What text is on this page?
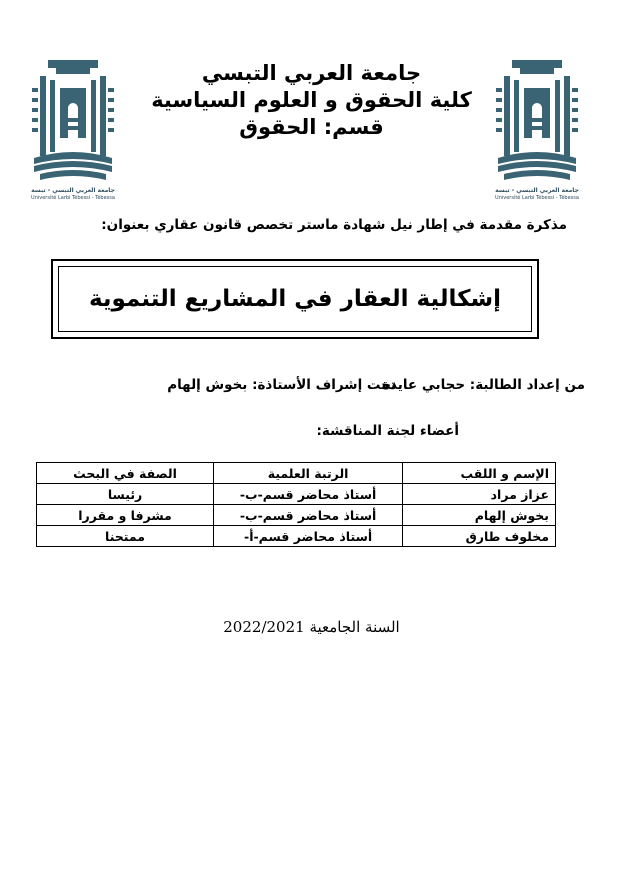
جامعة العربي التبسي - تبسة
Université Larbi Tébessi - Tébessa
جامعة العربي التبسي - تبسة
Université Larbi Tébessi - Tébessa
جامعة العربي التبسي
كلية الحقوق و العلوم السياسية
قسم: الحقوق
مذكرة مقدمة في إطار نيل شهادة ماستر تخصص قانون عقاري بعنوان:
إشكالية العقار في المشاريع التنموية
من إعداد الطالبة: حجابي عايدة
تحت إشراف الأستاذة: بخوش إلهام
أعضاء لجنة المناقشة:
الإسم و اللقب	الرتبة العلمية	الصفة في البحث
عزاز مراد	أستاذ محاضر قسم-ب-	رئيسا
بخوش إلهام	أستاذ محاضر قسم-ب-	مشرفا و مقررا
مخلوف طارق	أستاذ محاضر قسم-أ-	ممتحنا
السنة الجامعية 2022/2021
